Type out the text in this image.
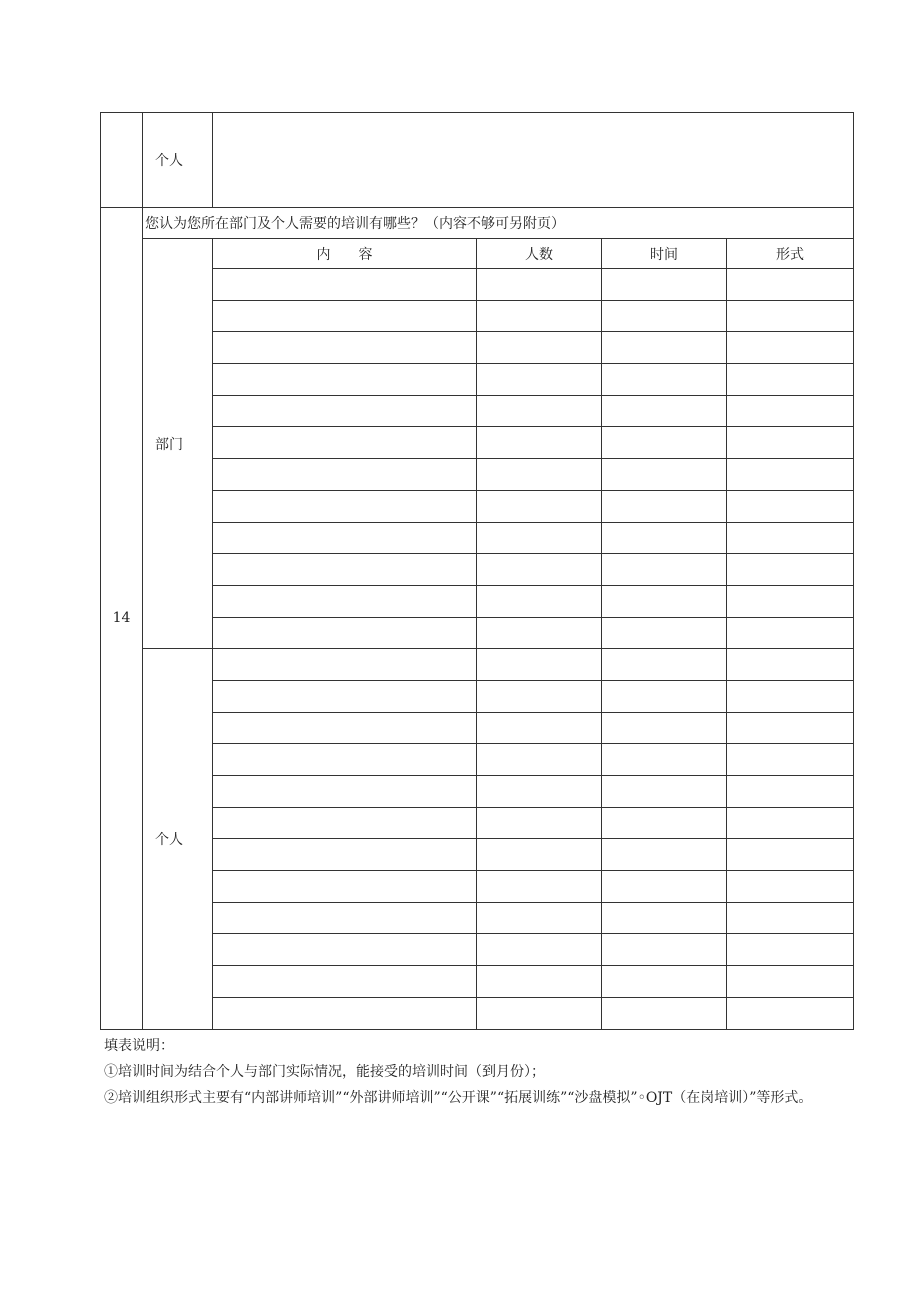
	个人				
14	您认为您所在部门及个人需要的培训有哪些？（内容不够可另附页）				
	部门	内　　容	人数	时间	形式

	个人				

填表说明：
①培训时间为结合个人与部门实际情况，能接受的培训时间（到月份）；
②培训组织形式主要有“内部讲师培训”“外部讲师培训”“公开课”“拓展训练”“沙盘模拟”◦OJT（在岗培训）”等形式。
